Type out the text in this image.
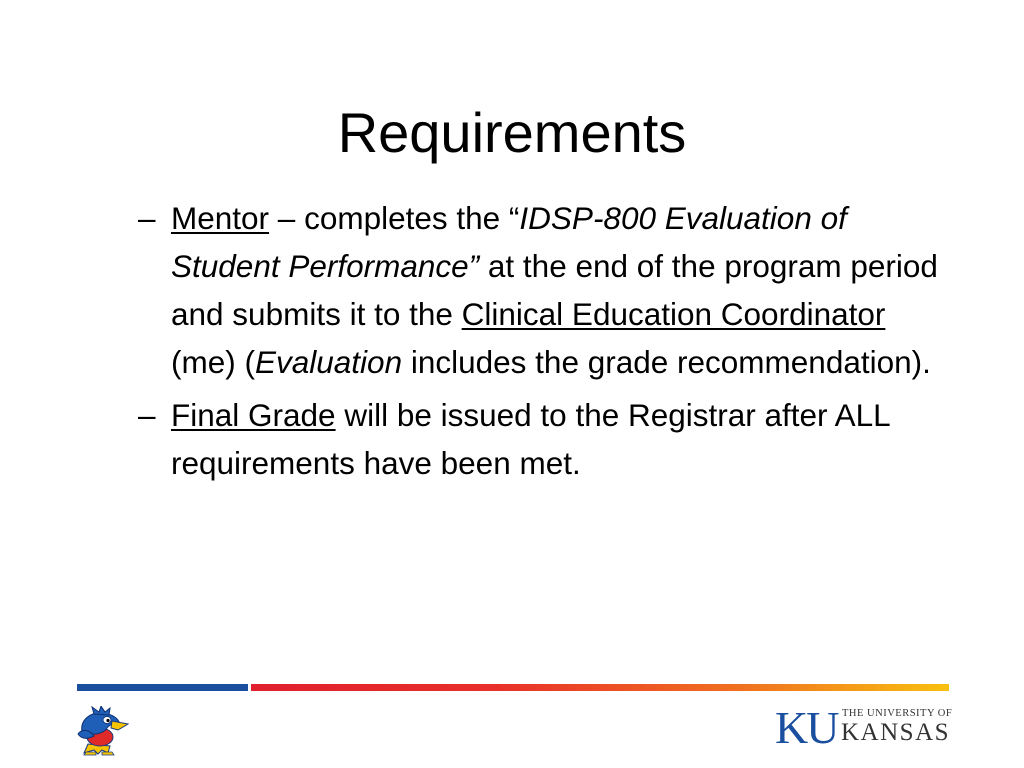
Requirements
– Mentor – completes the “IDSP-800 Evaluation of Student Performance” at the end of the program period and submits it to the Clinical Education Coordinator (me) (Evaluation includes the grade recommendation).
– Final Grade will be issued to the Registrar after ALL requirements have been met.
KU THE UNIVERSITY OF
KANSAS
